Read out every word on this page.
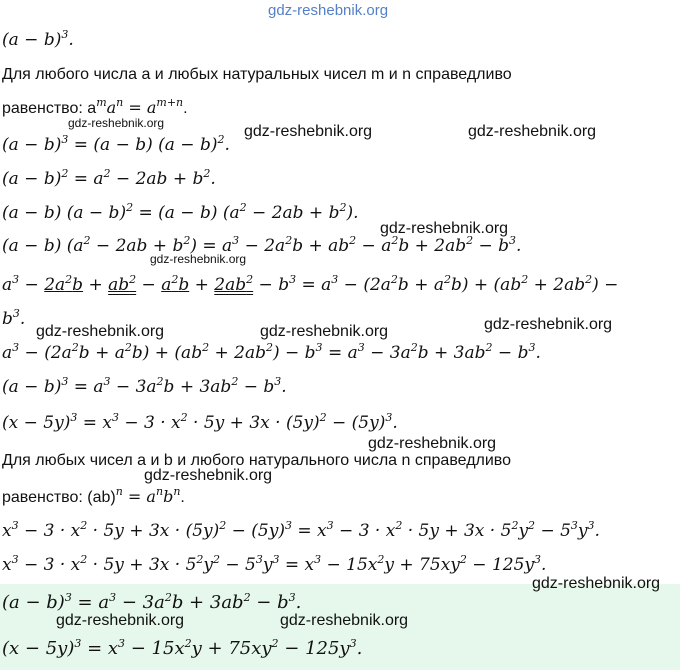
gdz-reshebnik.org
gdz-reshebnik.org	gdz-reshebnik.org	gdz-reshebnik.org
gdz-reshebnik.org
gdz-reshebnik.org
gdz-reshebnik.org	gdz-reshebnik.org	gdz-reshebnik.org
gdz-reshebnik.org
gdz-reshebnik.org
gdz-reshebnik.org
gdz-reshebnik.org	gdz-reshebnik.org
$(a - b)^3$.
Для любого числа a и любых натуральных чисел m и n справедливо
равенство: $a^ma^n = a^{m+n}$.
$(a - b)^3 = (a - b)$ $(a - b)^2$.
$(a - b)^2 = a^2 - 2ab + b^2$.
(a − b) $(a - b)^2 = (a - b)$ $(a^2 - 2ab + b^2)$.
(a − b) $(a^2 - 2ab + b^2) = a^3 - 2a^2b + ab^2 - a^2b + 2ab^2 - b^3$.
$a^3 - 2a^2b + ab^2 - a^2b + 2ab^2 - b^3 = a^3 - (2a^2b + a^2b) + (ab^2 + 2ab^2)$ −
$b^3$.
$a^3 - (2a^2b + a^2b) + (ab^2 + 2ab^2) - b^3 = a^3 - 3a^2b + 3ab^2 - b^3$.
$(a - b)^3 = a^3 - 3a^2b + 3ab^2 - b^3$.
$(x - 5y)^3 = x^3 - 3 \cdot x^2 \cdot 5y + 3x \cdot (5y)^2 - (5y)^3$.
Для любых чисел a и b и любого натурального числа n справедливо
равенство: $(ab)^n = a^nb^n$.
$x^3 - 3 \cdot x^2 \cdot 5y + 3x \cdot (5y)^2 - (5y)^3 = x^3 - 3 \cdot x^2 \cdot 5y + 3x \cdot 5^2y^2 - 5^3y^3$.
$x^3 - 3 \cdot x^2 \cdot 5y + 3x \cdot 5^2y^2 - 5^3y^3 = x^3 - 15x^2y + 75xy^2 - 125y^3$.
$(a - b)^3 = a^3 - 3a^2b + 3ab^2 - b^3$.
$(x - 5y)^3 = x^3 - 15x^2y + 75xy^2 - 125y^3$.
